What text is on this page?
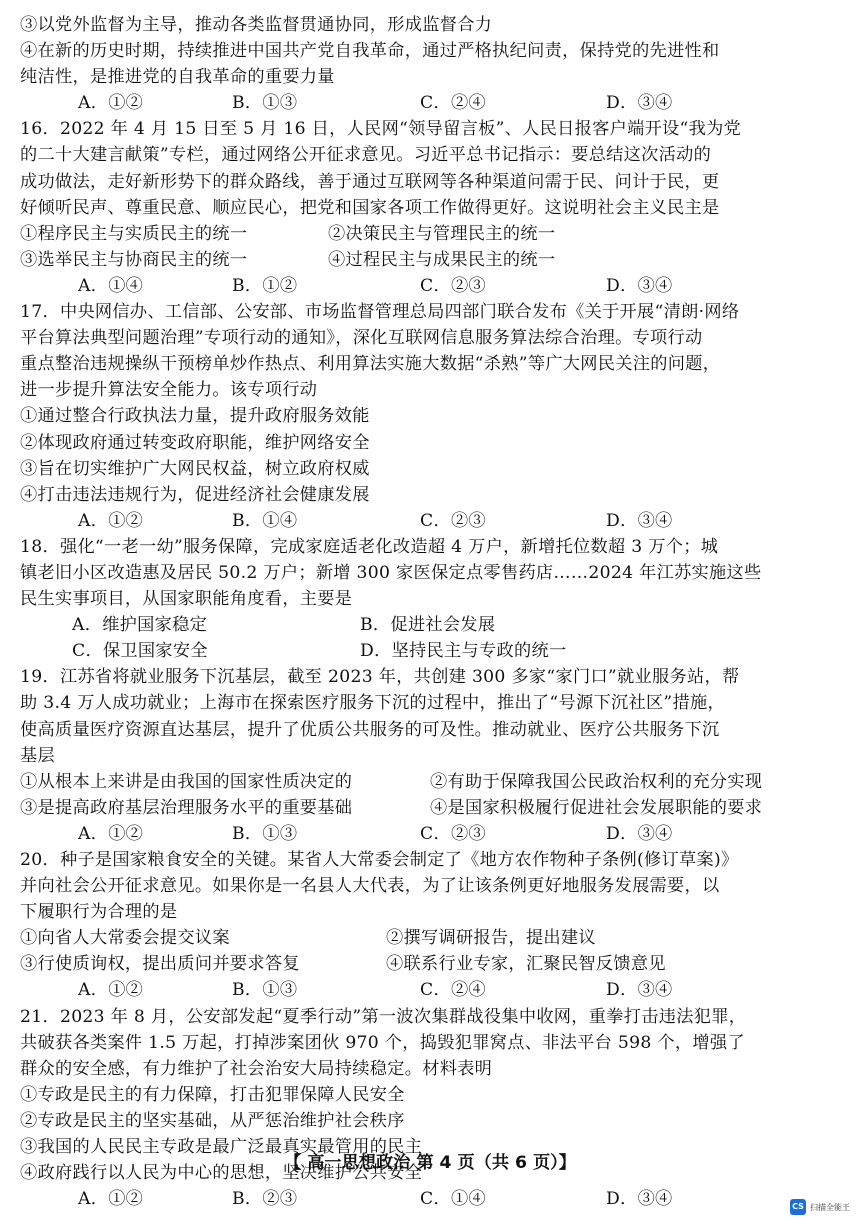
③以党外监督为主导，推动各类监督贯通协同，形成监督合力
④在新的历史时期，持续推进中国共产党自我革命，通过严格执纪问责，保持党的先进性和
纯洁性，是推进党的自我革命的重要力量
A．①②	B．①③	C．②④	D．③④
16．2022 年 4 月 15 日至 5 月 16 日，人民网“领导留言板”、人民日报客户端开设“我为党
的二十大建言献策”专栏，通过网络公开征求意见。习近平总书记指示：要总结这次活动的
成功做法，走好新形势下的群众路线，善于通过互联网等各种渠道问需于民、问计于民，更
好倾听民声、尊重民意、顺应民心，把党和国家各项工作做得更好。这说明社会主义民主是
①程序民主与实质民主的统一	②决策民主与管理民主的统一
③选举民主与协商民主的统一	④过程民主与成果民主的统一
A．①④	B．①②	C．②③	D．③④
17．中央网信办、工信部、公安部、市场监督管理总局四部门联合发布《关于开展“清朗·网络
平台算法典型问题治理”专项行动的通知》，深化互联网信息服务算法综合治理。专项行动
重点整治违规操纵干预榜单炒作热点、利用算法实施大数据“杀熟”等广大网民关注的问题，
进一步提升算法安全能力。该专项行动
①通过整合行政执法力量，提升政府服务效能
②体现政府通过转变政府职能，维护网络安全
③旨在切实维护广大网民权益，树立政府权威
④打击违法违规行为，促进经济社会健康发展
A．①②	B．①④	C．②③	D．③④
18．强化“一老一幼”服务保障，完成家庭适老化改造超 4 万户，新增托位数超 3 万个；城
镇老旧小区改造惠及居民 50.2 万户；新增 300 家医保定点零售药店……2024 年江苏实施这些
民生实事项目，从国家职能角度看，主要是
A．维护国家稳定	B．促进社会发展
C．保卫国家安全	D．坚持民主与专政的统一
19．江苏省将就业服务下沉基层，截至 2023 年，共创建 300 多家“家门口”就业服务站，帮
助 3.4 万人成功就业；上海市在探索医疗服务下沉的过程中，推出了“号源下沉社区”措施，
使高质量医疗资源直达基层，提升了优质公共服务的可及性。推动就业、医疗公共服务下沉
基层
①从根本上来讲是由我国的国家性质决定的	②有助于保障我国公民政治权利的充分实现
③是提高政府基层治理服务水平的重要基础	④是国家积极履行促进社会发展职能的要求
A．①②	B．①③	C．②③	D．③④
20．种子是国家粮食安全的关键。某省人大常委会制定了《地方农作物种子条例(修订草案)》
并向社会公开征求意见。如果你是一名县人大代表，为了让该条例更好地服务发展需要，以
下履职行为合理的是
①向省人大常委会提交议案	②撰写调研报告，提出建议
③行使质询权，提出质问并要求答复	④联系行业专家，汇聚民智反馈意见
A．①②	B．①③	C．②④	D．③④
21．2023 年 8 月，公安部发起“夏季行动”第一波次集群战役集中收网，重拳打击违法犯罪，
共破获各类案件 1.5 万起，打掉涉案团伙 970 个，捣毁犯罪窝点、非法平台 598 个，增强了
群众的安全感，有力维护了社会治安大局持续稳定。材料表明
①专政是民主的有力保障，打击犯罪保障人民安全
②专政是民主的坚实基础，从严惩治维护社会秩序
③我国的人民民主专政是最广泛最真实最管用的民主
④政府践行以人民为中心的思想，坚决维护公共安全
A．①②	B．②③	C．①④	D．③④
【 高一思想政治 第 4 页（共 6 页）】
CS 扫描全能王
